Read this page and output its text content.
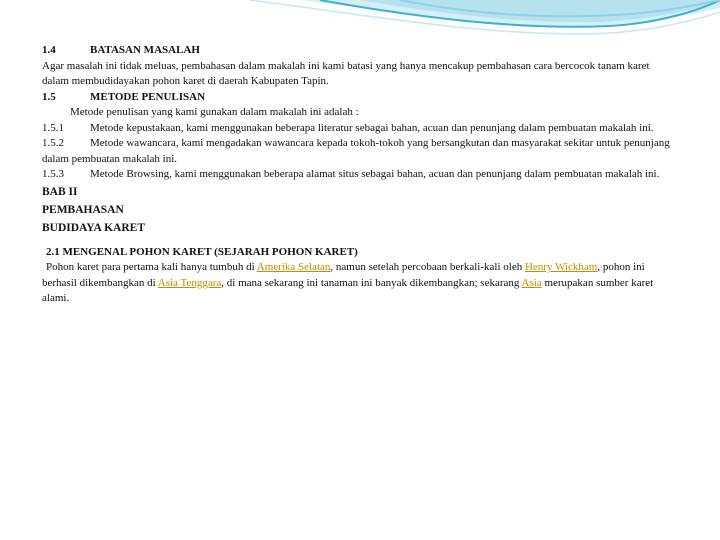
1.4	BATASAN MASALAH
Agar masalah ini tidak meluas, pembahasan dalam makalah ini kami batasi yang hanya mencakup pembahasan cara bercocok tanam karet dalam membudidayakan pohon karet di daerah Kabupaten Tapin.
1.5	METODE PENULISAN
Metode penulisan yang kami gunakan dalam makalah ini adalah :
1.5.1 Metode kepustakaan, kami menggunakan beberapa literatur sebagai bahan, acuan dan penunjang dalam pembuatan makalah ini.
1.5.2 Metode wawancara, kami mengadakan wawancara kepada tokoh-tokoh yang bersangkutan dan masyarakat sekitar untuk penunjang dalam pembuatan makalah ini.
1.5.3 Metode Browsing, kami menggunakan beberapa alamat situs sebagai bahan, acuan dan penunjang dalam pembuatan makalah ini.
BAB II
PEMBAHASAN
BUDIDAYA KARET
2.1 MENGENAL POHON KARET (SEJARAH POHON KARET)
Pohon karet para pertama kali hanya tumbuh di Amerika Selatan, namun setelah percobaan berkali-kali oleh Henry Wickham, pohon ini berhasil dikembangkan di Asia Tenggara, di mana sekarang ini tanaman ini banyak dikembangkan; sekarang Asia merupakan sumber karet alami.
